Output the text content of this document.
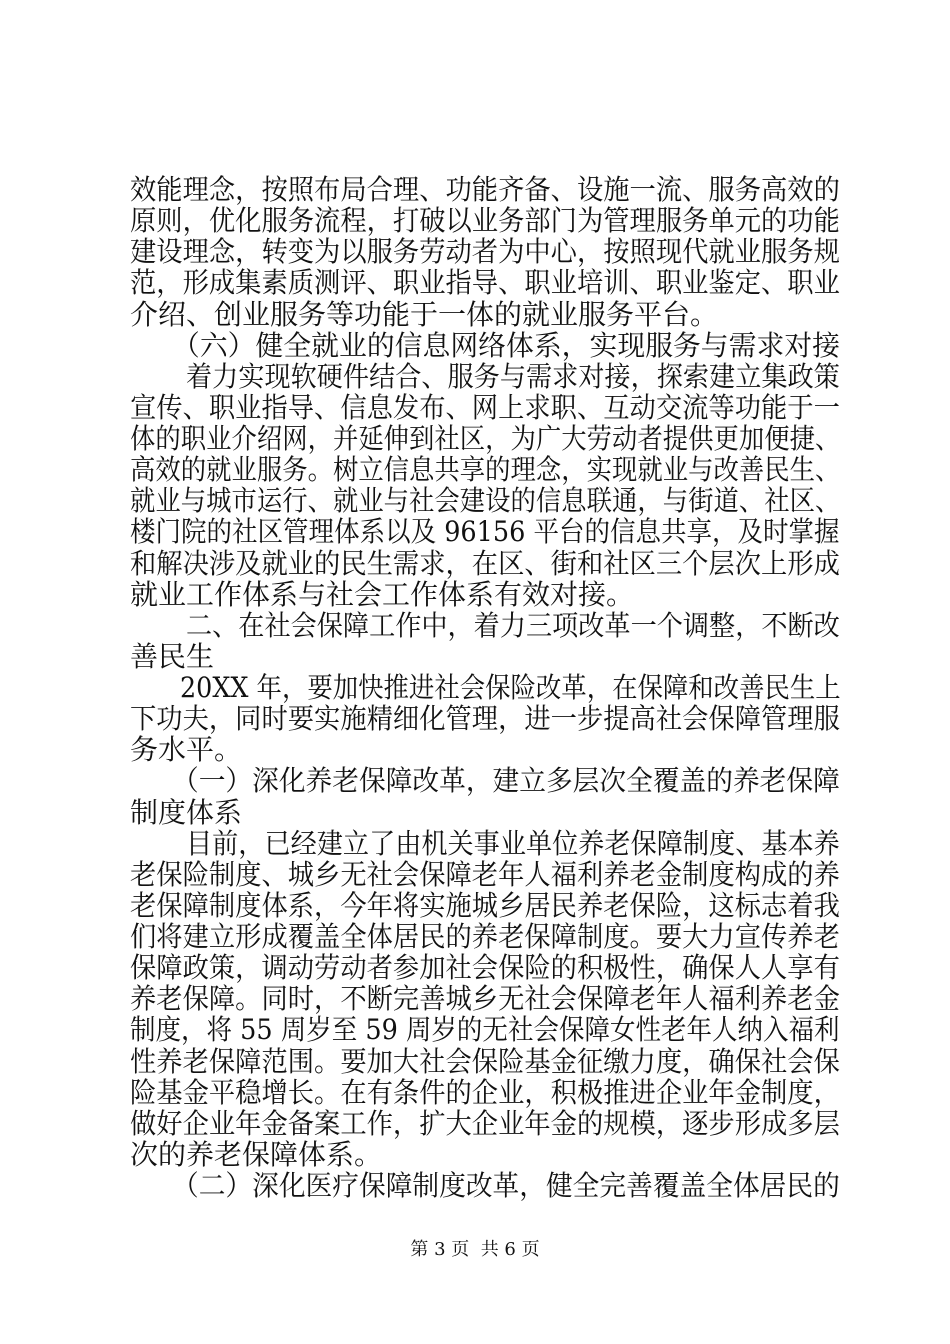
效能理念，按照布局合理、功能齐备、设施一流、服务高效的
原则，优化服务流程，打破以业务部门为管理服务单元的功能
建设理念，转变为以服务劳动者为中心，按照现代就业服务规
范，形成集素质测评、职业指导、职业培训、职业鉴定、职业
介绍、创业服务等功能于一体的就业服务平台。
（六）健全就业的信息网络体系，实现服务与需求对接
着力实现软硬件结合、服务与需求对接，探索建立集政策
宣传、职业指导、信息发布、网上求职、互动交流等功能于一
体的职业介绍网，并延伸到社区，为广大劳动者提供更加便捷、
高效的就业服务。树立信息共享的理念，实现就业与改善民生、
就业与城市运行、就业与社会建设的信息联通，与街道、社区、
楼门院的社区管理体系以及 96156 平台的信息共享，及时掌握
和解决涉及就业的民生需求，在区、街和社区三个层次上形成
就业工作体系与社会工作体系有效对接。
二、在社会保障工作中，着力三项改革一个调整，不断改
善民生
20XX 年，要加快推进社会保险改革，在保障和改善民生上
下功夫，同时要实施精细化管理，进一步提高社会保障管理服
务水平。
（一）深化养老保障改革，建立多层次全覆盖的养老保障
制度体系
目前，已经建立了由机关事业单位养老保障制度、基本养
老保险制度、城乡无社会保障老年人福利养老金制度构成的养
老保障制度体系，今年将实施城乡居民养老保险，这标志着我
们将建立形成覆盖全体居民的养老保障制度。要大力宣传养老
保障政策，调动劳动者参加社会保险的积极性，确保人人享有
养老保障。同时，不断完善城乡无社会保障老年人福利养老金
制度，将 55 周岁至 59 周岁的无社会保障女性老年人纳入福利
性养老保障范围。要加大社会保险基金征缴力度，确保社会保
险基金平稳增长。在有条件的企业，积极推进企业年金制度，
做好企业年金备案工作，扩大企业年金的规模，逐步形成多层
次的养老保障体系。
（二）深化医疗保障制度改革，健全完善覆盖全体居民的
第 3 页  共 6 页
